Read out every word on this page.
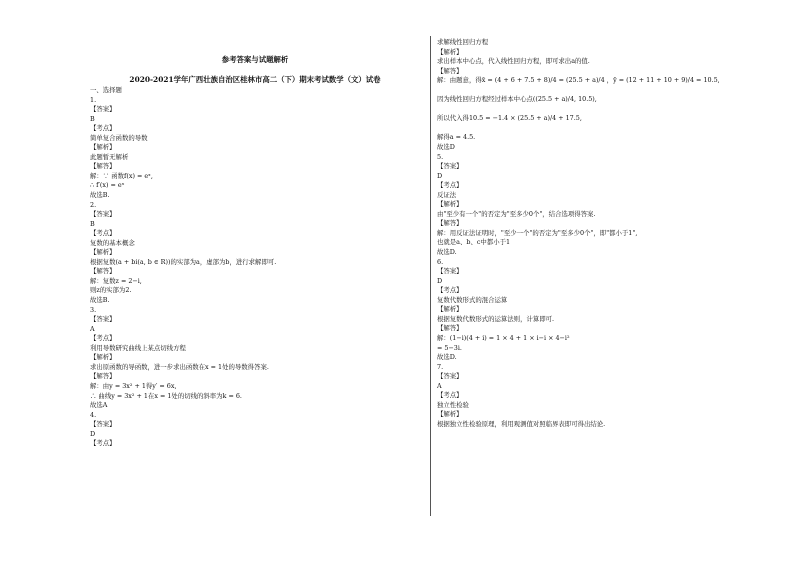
参考答案与试题解析
2020-2021学年广西壮族自治区桂林市高二（下）期末考试数学（文）试卷
一、选择题
1.
【答案】
B
【考点】
简单复合函数的导数
【解析】
此题暂无解析
【解答】
解：∵ 函数f(x) = eˣ,
∴ f′(x) = eˣ
故选B.
2.
【答案】
B
【考点】
复数的基本概念
【解析】
根据复数(a + bi(a, b ∈ R))的实部为a，虚部为b，进行求解即可.
【解答】
解：复数z = 2−i,
则z的实部为2.
故选B.
3.
【答案】
A
【考点】
利用导数研究曲线上某点切线方程
【解析】
求出原函数的导函数，进一步求出函数在x = 1处的导数得答案.
【解答】
解：由y = 3x² + 1得y′ = 6x,
∴ 曲线y = 3x² + 1在x = 1处的切线的斜率为k = 6.
故选A
4.
【答案】
D
【考点】
求解线性回归方程
【解析】
求出样本中心点，代入线性回归方程，即可求出a的值.
【解答】
解：由题意，得x̄ = (4 + 6 + 7.5 + 8)/4 = (25.5 + a)/4 ，ȳ = (12 + 11 + 10 + 9)/4 = 10.5,
因为线性回归方程经过样本中心点((25.5 + a)/4, 10.5),
所以代入得10.5 = −1.4 × (25.5 + a)/4 + 17.5,
解得a = 4.5.
故选D
5.
【答案】
D
【考点】
反证法
【解析】
由"至少有一个"的否定为"至多少0个"，结合选项得答案.
【解答】
解：用反证法证明时，"至少一个"的否定为"至多少0个"，即"都小于1",
也就是a、b、c中都小于1
故选D.
6.
【答案】
D
【考点】
复数代数形式的混合运算
【解析】
根据复数代数形式的运算法则，计算即可.
【解答】
解：(1−i)(4 + i) = 1 × 4 + 1 × i−i × 4−i²
= 5−3i.
故选D.
7.
【答案】
A
【考点】
独立性检验
【解析】
根据独立性检验原理，利用观测值对照临界表即可得出结论.
